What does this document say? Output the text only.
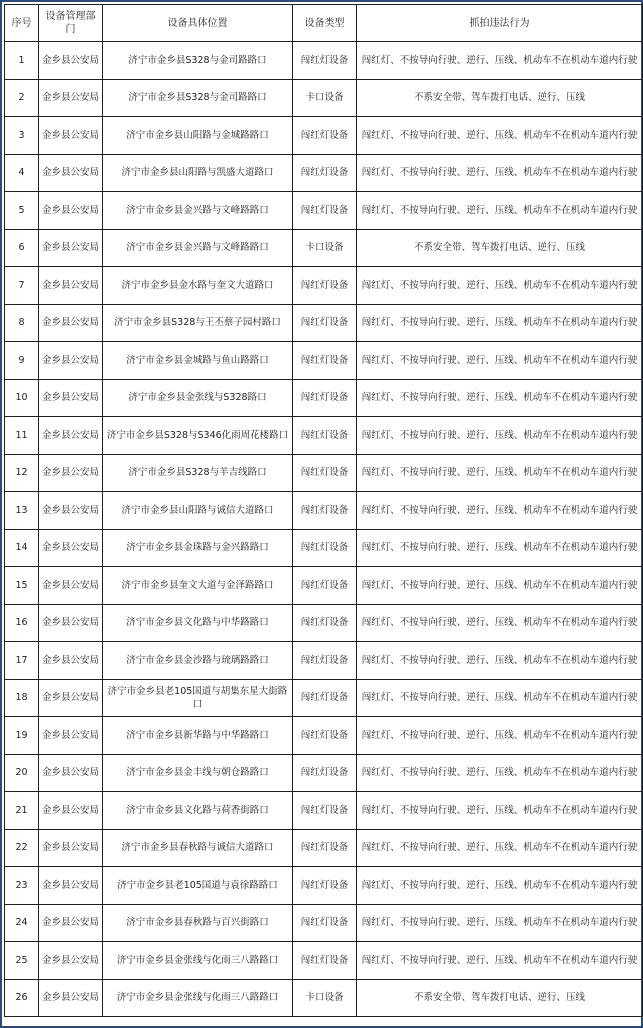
序号	设备管理部门	设备具体位置	设备类型	抓拍违法行为
1	金乡县公安局	济宁市金乡县S328与金司路路口	闯红灯设备	闯红灯、不按导向行驶、逆行、压线、机动车不在机动车道内行驶
2	金乡县公安局	济宁市金乡县S328与金司路路口	卡口设备	不系安全带、驾车拨打电话、逆行、压线
3	金乡县公安局	济宁市金乡县山阳路与金城路路口	闯红灯设备	闯红灯、不按导向行驶、逆行、压线、机动车不在机动车道内行驶
4	金乡县公安局	济宁市金乡县山阳路与凯盛大道路口	闯红灯设备	闯红灯、不按导向行驶、逆行、压线、机动车不在机动车道内行驶
5	金乡县公安局	济宁市金乡县金兴路与文峰路路口	闯红灯设备	闯红灯、不按导向行驶、逆行、压线、机动车不在机动车道内行驶
6	金乡县公安局	济宁市金乡县金兴路与文峰路路口	卡口设备	不系安全带、驾车拨打电话、逆行、压线
7	金乡县公安局	济宁市金乡县金水路与奎文大道路口	闯红灯设备	闯红灯、不按导向行驶、逆行、压线、机动车不在机动车道内行驶
8	金乡县公安局	济宁市金乡县S328与王丕蔡子园村路口	闯红灯设备	闯红灯、不按导向行驶、逆行、压线、机动车不在机动车道内行驶
9	金乡县公安局	济宁市金乡县金城路与鱼山路路口	闯红灯设备	闯红灯、不按导向行驶、逆行、压线、机动车不在机动车道内行驶
10	金乡县公安局	济宁市金乡县金张线与S328路口	闯红灯设备	闯红灯、不按导向行驶、逆行、压线、机动车不在机动车道内行驶
11	金乡县公安局	济宁市金乡县S328与S346化雨周花楼路口	闯红灯设备	闯红灯、不按导向行驶、逆行、压线、机动车不在机动车道内行驶
12	金乡县公安局	济宁市金乡县S328与羊吉线路口	闯红灯设备	闯红灯、不按导向行驶、逆行、压线、机动车不在机动车道内行驶
13	金乡县公安局	济宁市金乡县山阳路与诚信大道路口	闯红灯设备	闯红灯、不按导向行驶、逆行、压线、机动车不在机动车道内行驶
14	金乡县公安局	济宁市金乡县金珠路与金兴路路口	闯红灯设备	闯红灯、不按导向行驶、逆行、压线、机动车不在机动车道内行驶
15	金乡县公安局	济宁市金乡县奎文大道与金泽路路口	闯红灯设备	闯红灯、不按导向行驶、逆行、压线、机动车不在机动车道内行驶
16	金乡县公安局	济宁市金乡县文化路与中华路路口	闯红灯设备	闯红灯、不按导向行驶、逆行、压线、机动车不在机动车道内行驶
17	金乡县公安局	济宁市金乡县金沙路与琉璃路路口	闯红灯设备	闯红灯、不按导向行驶、逆行、压线、机动车不在机动车道内行驶
18	金乡县公安局	济宁市金乡县老105国道与胡集东星大街路口	闯红灯设备	闯红灯、不按导向行驶、逆行、压线、机动车不在机动车道内行驶
19	金乡县公安局	济宁市金乡县新华路与中华路路口	闯红灯设备	闯红灯、不按导向行驶、逆行、压线、机动车不在机动车道内行驶
20	金乡县公安局	济宁市金乡县金丰线与朝仓路路口	闯红灯设备	闯红灯、不按导向行驶、逆行、压线、机动车不在机动车道内行驶
21	金乡县公安局	济宁市金乡县文化路与荷香街路口	闯红灯设备	闯红灯、不按导向行驶、逆行、压线、机动车不在机动车道内行驶
22	金乡县公安局	济宁市金乡县春秋路与诚信大道路口	闯红灯设备	闯红灯、不按导向行驶、逆行、压线、机动车不在机动车道内行驶
23	金乡县公安局	济宁市金乡县老105国道与袁徐路路口	闯红灯设备	闯红灯、不按导向行驶、逆行、压线、机动车不在机动车道内行驶
24	金乡县公安局	济宁市金乡县春秋路与百兴街路口	闯红灯设备	闯红灯、不按导向行驶、逆行、压线、机动车不在机动车道内行驶
25	金乡县公安局	济宁市金乡县金张线与化雨三八路路口	闯红灯设备	闯红灯、不按导向行驶、逆行、压线、机动车不在机动车道内行驶
26	金乡县公安局	济宁市金乡县金张线与化雨三八路路口	卡口设备	不系安全带、驾车拨打电话、逆行、压线
